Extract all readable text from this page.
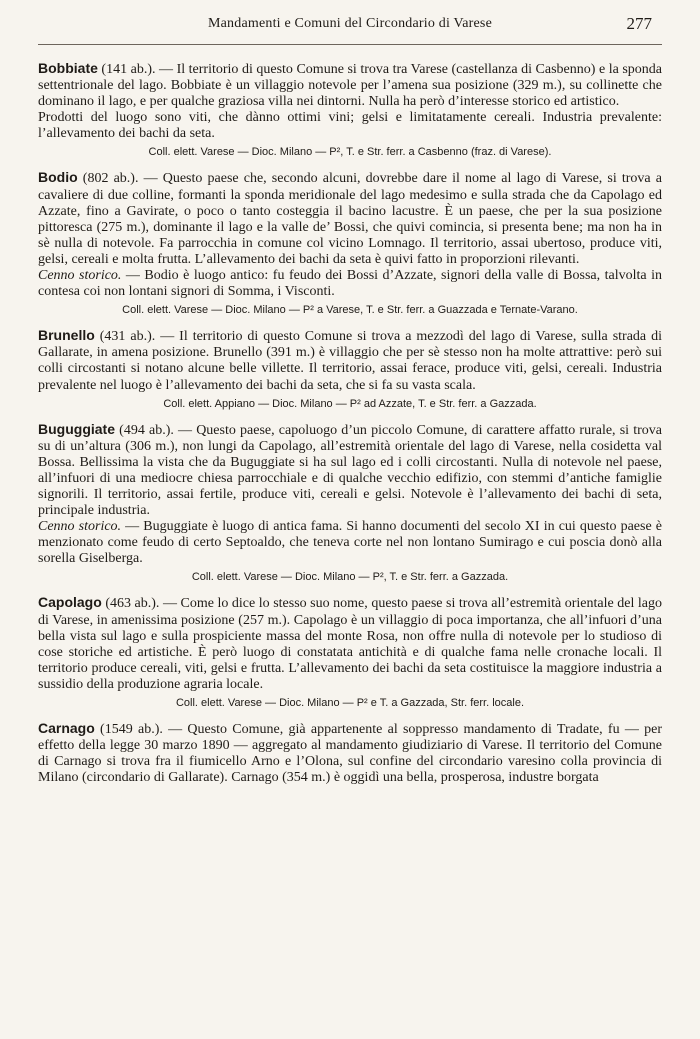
Mandamenti e Comuni del Circondario di Varese	277

Bobbiate (141 ab.). — Il territorio di questo Comune si trova tra Varese (castellanza di Casbenno) e la sponda settentrionale del lago. Bobbiate è un villaggio notevole per l’amena sua posizione (329 m.), su collinette che dominano il lago, e per qualche graziosa villa nei dintorni. Nulla ha però d’interesse storico ed artistico.

Prodotti del luogo sono viti, che dànno ottimi vini; gelsi e limitatamente cereali. Industria prevalente: l’allevamento dei bachi da seta.

Coll. elett. Varese — Dioc. Milano — P², T. e Str. ferr. a Casbenno (fraz. di Varese).

Bodio (802 ab.). — Questo paese che, secondo alcuni, dovrebbe dare il nome al lago di Varese, si trova a cavaliere di due colline, formanti la sponda meridionale del lago medesimo e sulla strada che da Capolago ed Azzate, fino a Gavirate, o poco o tanto costeggia il bacino lacustre. È un paese, che per la sua posizione pittoresca (275 m.), dominante il lago e la valle de’ Bossi, che quivi comincia, si presenta bene; ma non ha in sè nulla di notevole. Fa parrocchia in comune col vicino Lomnago. Il territorio, assai ubertoso, produce viti, gelsi, cereali e molta frutta. L’allevamento dei bachi da seta è quivi fatto in proporzioni rilevanti.

Cenno storico. — Bodio è luogo antico: fu feudo dei Bossi d’Azzate, signori della valle di Bossa, talvolta in contesa coi non lontani signori di Somma, i Visconti.

Coll. elett. Varese — Dioc. Milano — P² a Varese, T. e Str. ferr. a Guazzada e Ternate-Varano.

Brunello (431 ab.). — Il territorio di questo Comune si trova a mezzodì del lago di Varese, sulla strada di Gallarate, in amena posizione. Brunello (391 m.) è villaggio che per sè stesso non ha molte attrattive: però sui colli circostanti si notano alcune belle villette. Il territorio, assai ferace, produce viti, gelsi, cereali. Industria prevalente nel luogo è l’allevamento dei bachi da seta, che si fa su vasta scala.

Coll. elett. Appiano — Dioc. Milano — P² ad Azzate, T. e Str. ferr. a Gazzada.

Buguggiate (494 ab.). — Questo paese, capoluogo d’un piccolo Comune, di carattere affatto rurale, si trova su di un’altura (306 m.), non lungi da Capolago, all’estremità orientale del lago di Varese, nella cosidetta val Bossa. Bellissima la vista che da Buguggiate si ha sul lago ed i colli circostanti. Nulla di notevole nel paese, all’infuori di una mediocre chiesa parrocchiale e di qualche vecchio edifizio, con stemmi d’antiche famiglie signorili. Il territorio, assai fertile, produce viti, cereali e gelsi. Notevole è l’allevamento dei bachi di seta, principale industria.

Cenno storico. — Buguggiate è luogo di antica fama. Si hanno documenti del secolo XI in cui questo paese è menzionato come feudo di certo Septoaldo, che teneva corte nel non lontano Sumirago e cui poscia donò alla sorella Giselberga.

Coll. elett. Varese — Dioc. Milano — P², T. e Str. ferr. a Gazzada.

Capolago (463 ab.). — Come lo dice lo stesso suo nome, questo paese si trova all’estremità orientale del lago di Varese, in amenissima posizione (257 m.). Capolago è un villaggio di poca importanza, che all’infuori d’una bella vista sul lago e sulla prospiciente massa del monte Rosa, non offre nulla di notevole per lo studioso di cose storiche ed artistiche. È però luogo di constatata antichità e di qualche fama nelle cronache locali. Il territorio produce cereali, viti, gelsi e frutta. L’allevamento dei bachi da seta costituisce la maggiore industria a sussidio della produzione agraria locale.

Coll. elett. Varese — Dioc. Milano — P² e T. a Gazzada, Str. ferr. locale.

Carnago (1549 ab.). — Questo Comune, già appartenente al soppresso mandamento di Tradate, fu — per effetto della legge 30 marzo 1890 — aggregato al mandamento giudiziario di Varese. Il territorio del Comune di Carnago si trova fra il fiumicello Arno e l’Olona, sul confine del circondario varesino colla provincia di Milano (circondario di Gallarate). Carnago (354 m.) è oggidì una bella, prosperosa, industre borgata
